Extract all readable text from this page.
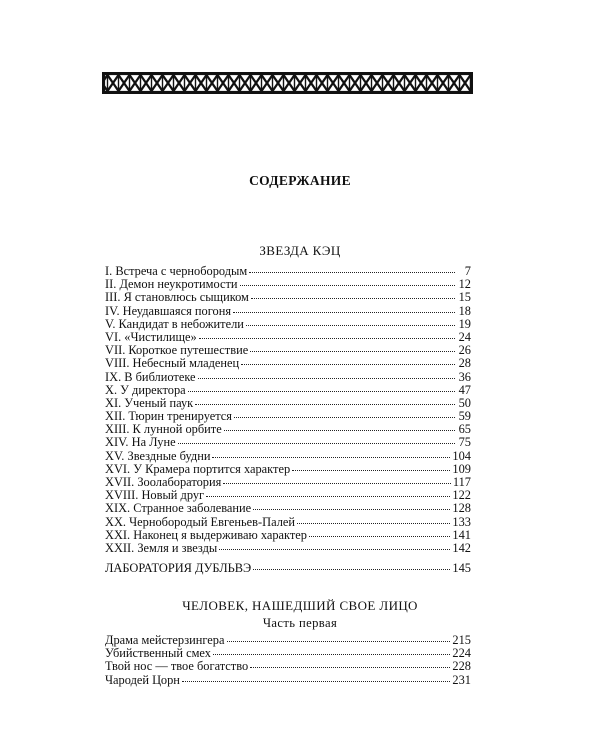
СОДЕРЖАНИЕ
ЗВЕЗДА КЭЦ
I. Встреча с чернобородым	7
II. Демон неукротимости	12
III. Я становлюсь сыщиком	15
IV. Неудавшаяся погоня	18
V. Кандидат в небожители	19
VI. «Чистилище»	24
VII. Короткое путешествие	26
VIII. Небесный младенец	28
IX. В библиотеке	36
X. У директора	47
XI. Ученый паук	50
XII. Тюрин тренируется	59
XIII. К лунной орбите	65
XIV. На Луне	75
XV. Звездные будни	104
XVI. У Крамера портится характер	109
XVII. Зоолаборатория	117
XVIII. Новый друг	122
XIX. Странное заболевание	128
XX. Чернобородый Евгеньев-Палей	133
XXI. Наконец я выдерживаю характер	141
XXII. Земля и звезды	142
ЛАБОРАТОРИЯ ДУБЛЬВЭ	145
ЧЕЛОВЕК, НАШЕДШИЙ СВОЕ ЛИЦО
Часть первая
Драма мейстерзингера	215
Убийственный смех	224
Твой нос — твое богатство	228
Чародей Цорн	231
